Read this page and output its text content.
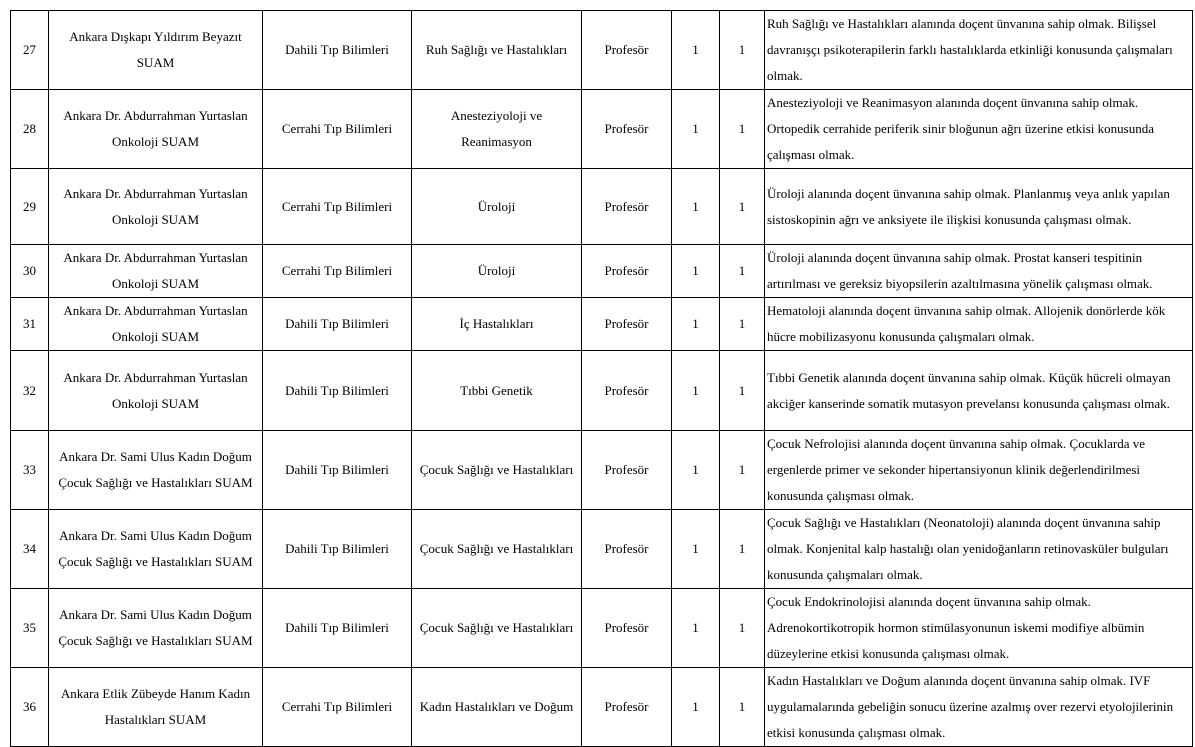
27	Ankara Dışkapı Yıldırım Beyazıt SUAM	Dahili Tıp Bilimleri	Ruh Sağlığı ve Hastalıkları	Profesör	1	1	Ruh Sağlığı ve Hastalıkları alanında doçent ünvanına sahip olmak. Bilişsel davranışçı psikoterapilerin farklı hastalıklarda etkinliği konusunda çalışmaları olmak.
28	Ankara Dr. Abdurrahman Yurtaslan Onkoloji SUAM	Cerrahi Tıp Bilimleri	Anesteziyoloji ve Reanimasyon	Profesör	1	1	Anesteziyoloji ve Reanimasyon alanında doçent ünvanına sahip olmak. Ortopedik cerrahide periferik sinir bloğunun ağrı üzerine etkisi konusunda çalışması olmak.
29	Ankara Dr. Abdurrahman Yurtaslan Onkoloji SUAM	Cerrahi Tıp Bilimleri	Üroloji	Profesör	1	1	Üroloji alanında doçent ünvanına sahip olmak. Planlanmış veya anlık yapılan sistoskopinin ağrı ve anksiyete ile ilişkisi konusunda çalışması olmak.
30	Ankara Dr. Abdurrahman Yurtaslan Onkoloji SUAM	Cerrahi Tıp Bilimleri	Üroloji	Profesör	1	1	Üroloji alanında doçent ünvanına sahip olmak. Prostat kanseri tespitinin artırılması ve gereksiz biyopsilerin azaltılmasına yönelik çalışması olmak.
31	Ankara Dr. Abdurrahman Yurtaslan Onkoloji SUAM	Dahili Tıp Bilimleri	İç Hastalıkları	Profesör	1	1	Hematoloji alanında doçent ünvanına sahip olmak. Allojenik donörlerde kök hücre mobilizasyonu konusunda çalışmaları olmak.
32	Ankara Dr. Abdurrahman Yurtaslan Onkoloji SUAM	Dahili Tıp Bilimleri	Tıbbi Genetik	Profesör	1	1	Tıbbi Genetik alanında doçent ünvanına sahip olmak. Küçük hücreli olmayan akciğer kanserinde somatik mutasyon prevelansı konusunda çalışması olmak.
33	Ankara Dr. Sami Ulus Kadın Doğum Çocuk Sağlığı ve Hastalıkları SUAM	Dahili Tıp Bilimleri	Çocuk Sağlığı ve Hastalıkları	Profesör	1	1	Çocuk Nefrolojisi alanında doçent ünvanına sahip olmak. Çocuklarda ve ergenlerde primer ve sekonder hipertansiyonun klinik değerlendirilmesi konusunda çalışması olmak.
34	Ankara Dr. Sami Ulus Kadın Doğum Çocuk Sağlığı ve Hastalıkları SUAM	Dahili Tıp Bilimleri	Çocuk Sağlığı ve Hastalıkları	Profesör	1	1	Çocuk Sağlığı ve Hastalıkları (Neonatoloji) alanında doçent ünvanına sahip olmak. Konjenital kalp hastalığı olan yenidoğanların retinovasküler bulguları konusunda çalışmaları olmak.
35	Ankara Dr. Sami Ulus Kadın Doğum Çocuk Sağlığı ve Hastalıkları SUAM	Dahili Tıp Bilimleri	Çocuk Sağlığı ve Hastalıkları	Profesör	1	1	Çocuk Endokrinolojisi alanında doçent ünvanına sahip olmak. Adrenokortikotropik hormon stimülasyonunun iskemi modifiye albümin düzeylerine etkisi konusunda çalışması olmak.
36	Ankara Etlik Zübeyde Hanım Kadın Hastalıkları SUAM	Cerrahi Tıp Bilimleri	Kadın Hastalıkları ve Doğum	Profesör	1	1	Kadın Hastalıkları ve Doğum alanında doçent ünvanına sahip olmak. IVF uygulamalarında gebeliğin sonucu üzerine azalmış over rezervi etyolojilerinin etkisi konusunda çalışması olmak.
